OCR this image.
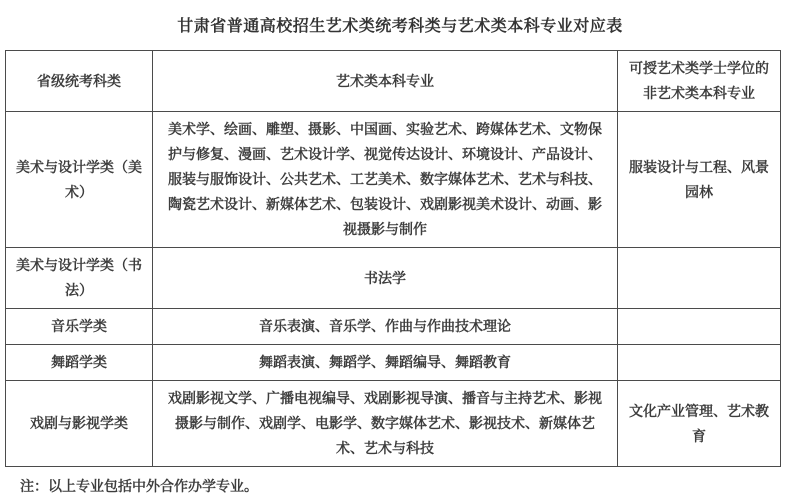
甘肃省普通高校招生艺术类统考科类与艺术类本科专业对应表
省级统考科类	艺术类本科专业	可授艺术类学士学位的非艺术类本科专业
美术与设计学类（美术）	美术学、绘画、雕塑、摄影、中国画、实验艺术、跨媒体艺术、文物保护与修复、漫画、艺术设计学、视觉传达设计、环境设计、产品设计、服装与服饰设计、公共艺术、工艺美术、数字媒体艺术、艺术与科技、陶瓷艺术设计、新媒体艺术、包装设计、戏剧影视美术设计、动画、影视摄影与制作	服装设计与工程、风景园林
美术与设计学类（书法）	书法学	
音乐学类	音乐表演、音乐学、作曲与作曲技术理论	
舞蹈学类	舞蹈表演、舞蹈学、舞蹈编导、舞蹈教育	
戏剧与影视学类	戏剧影视文学、广播电视编导、戏剧影视导演、播音与主持艺术、影视摄影与制作、戏剧学、电影学、数字媒体艺术、影视技术、新媒体艺术、艺术与科技	文化产业管理、艺术教育
注：以上专业包括中外合作办学专业。
